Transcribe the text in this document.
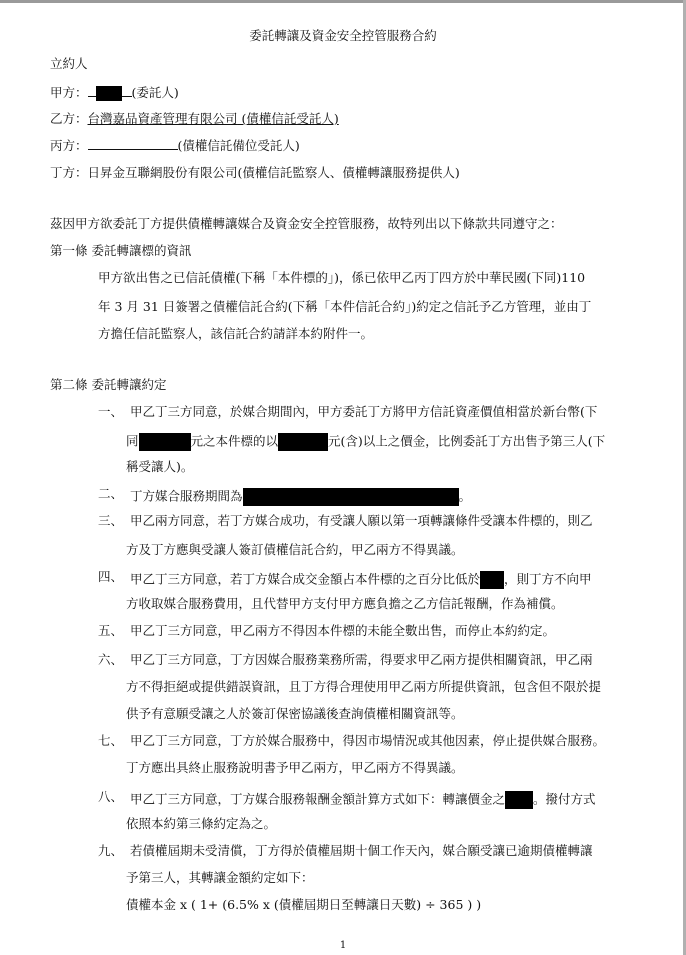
委託轉讓及資金安全控管服務合約
立約人
甲方：	(委託人)
乙方：台灣嘉品資產管理有限公司 (債權信託受託人)
丙方：	(債權信託備位受託人)
丁方：日昇金互聯網股份有限公司(債權信託監察人、債權轉讓服務提供人)
茲因甲方欲委託丁方提供債權轉讓媒合及資金安全控管服務，故特列出以下條款共同遵守之：
第一條 委託轉讓標的資訊
甲方欲出售之已信託債權(下稱「本件標的」)，係已依甲乙丙丁四方於中華民國(下同)110
年 3 月 31 日簽署之債權信託合約(下稱「本件信託合約」)約定之信託予乙方管理，並由丁
方擔任信託監察人，該信託合約請詳本約附件一。
第二條 委託轉讓約定
一、 甲乙丁三方同意，於媒合期間內，甲方委託丁方將甲方信託資產價值相當於新台幣(下
同	元之本件標的以	元(含)以上之價金，比例委託丁方出售予第三人(下
稱受讓人)。
二、 丁方媒合服務期間為	。
三、 甲乙兩方同意，若丁方媒合成功，有受讓人願以第一項轉讓條件受讓本件標的，則乙
方及丁方應與受讓人簽訂債權信託合約，甲乙兩方不得異議。
四、 甲乙丁三方同意，若丁方媒合成交金額占本件標的之百分比低於 ，則丁方不向甲
方收取媒合服務費用，且代替甲方支付甲方應負擔之乙方信託報酬，作為補償。
五、 甲乙丁三方同意，甲乙兩方不得因本件標的未能全數出售，而停止本約約定。
六、 甲乙丁三方同意，丁方因媒合服務業務所需，得要求甲乙兩方提供相關資訊，甲乙兩
方不得拒絕或提供錯誤資訊，且丁方得合理使用甲乙兩方所提供資訊，包含但不限於提
供予有意願受讓之人於簽訂保密協議後查詢債權相關資訊等。
七、 甲乙丁三方同意，丁方於媒合服務中，得因市場情況或其他因素，停止提供媒合服務。
丁方應出具終止服務說明書予甲乙兩方，甲乙兩方不得異議。
八、 甲乙丁三方同意，丁方媒合服務報酬金額計算方式如下：轉讓價金之 。撥付方式
依照本約第三條約定為之。
九、 若債權屆期未受清償，丁方得於債權屆期十個工作天內，媒合願受讓已逾期債權轉讓
予第三人，其轉讓金額約定如下：
債權本金 x ( 1+ (6.5% x (債權屆期日至轉讓日天數) ÷ 365 ) )
1
